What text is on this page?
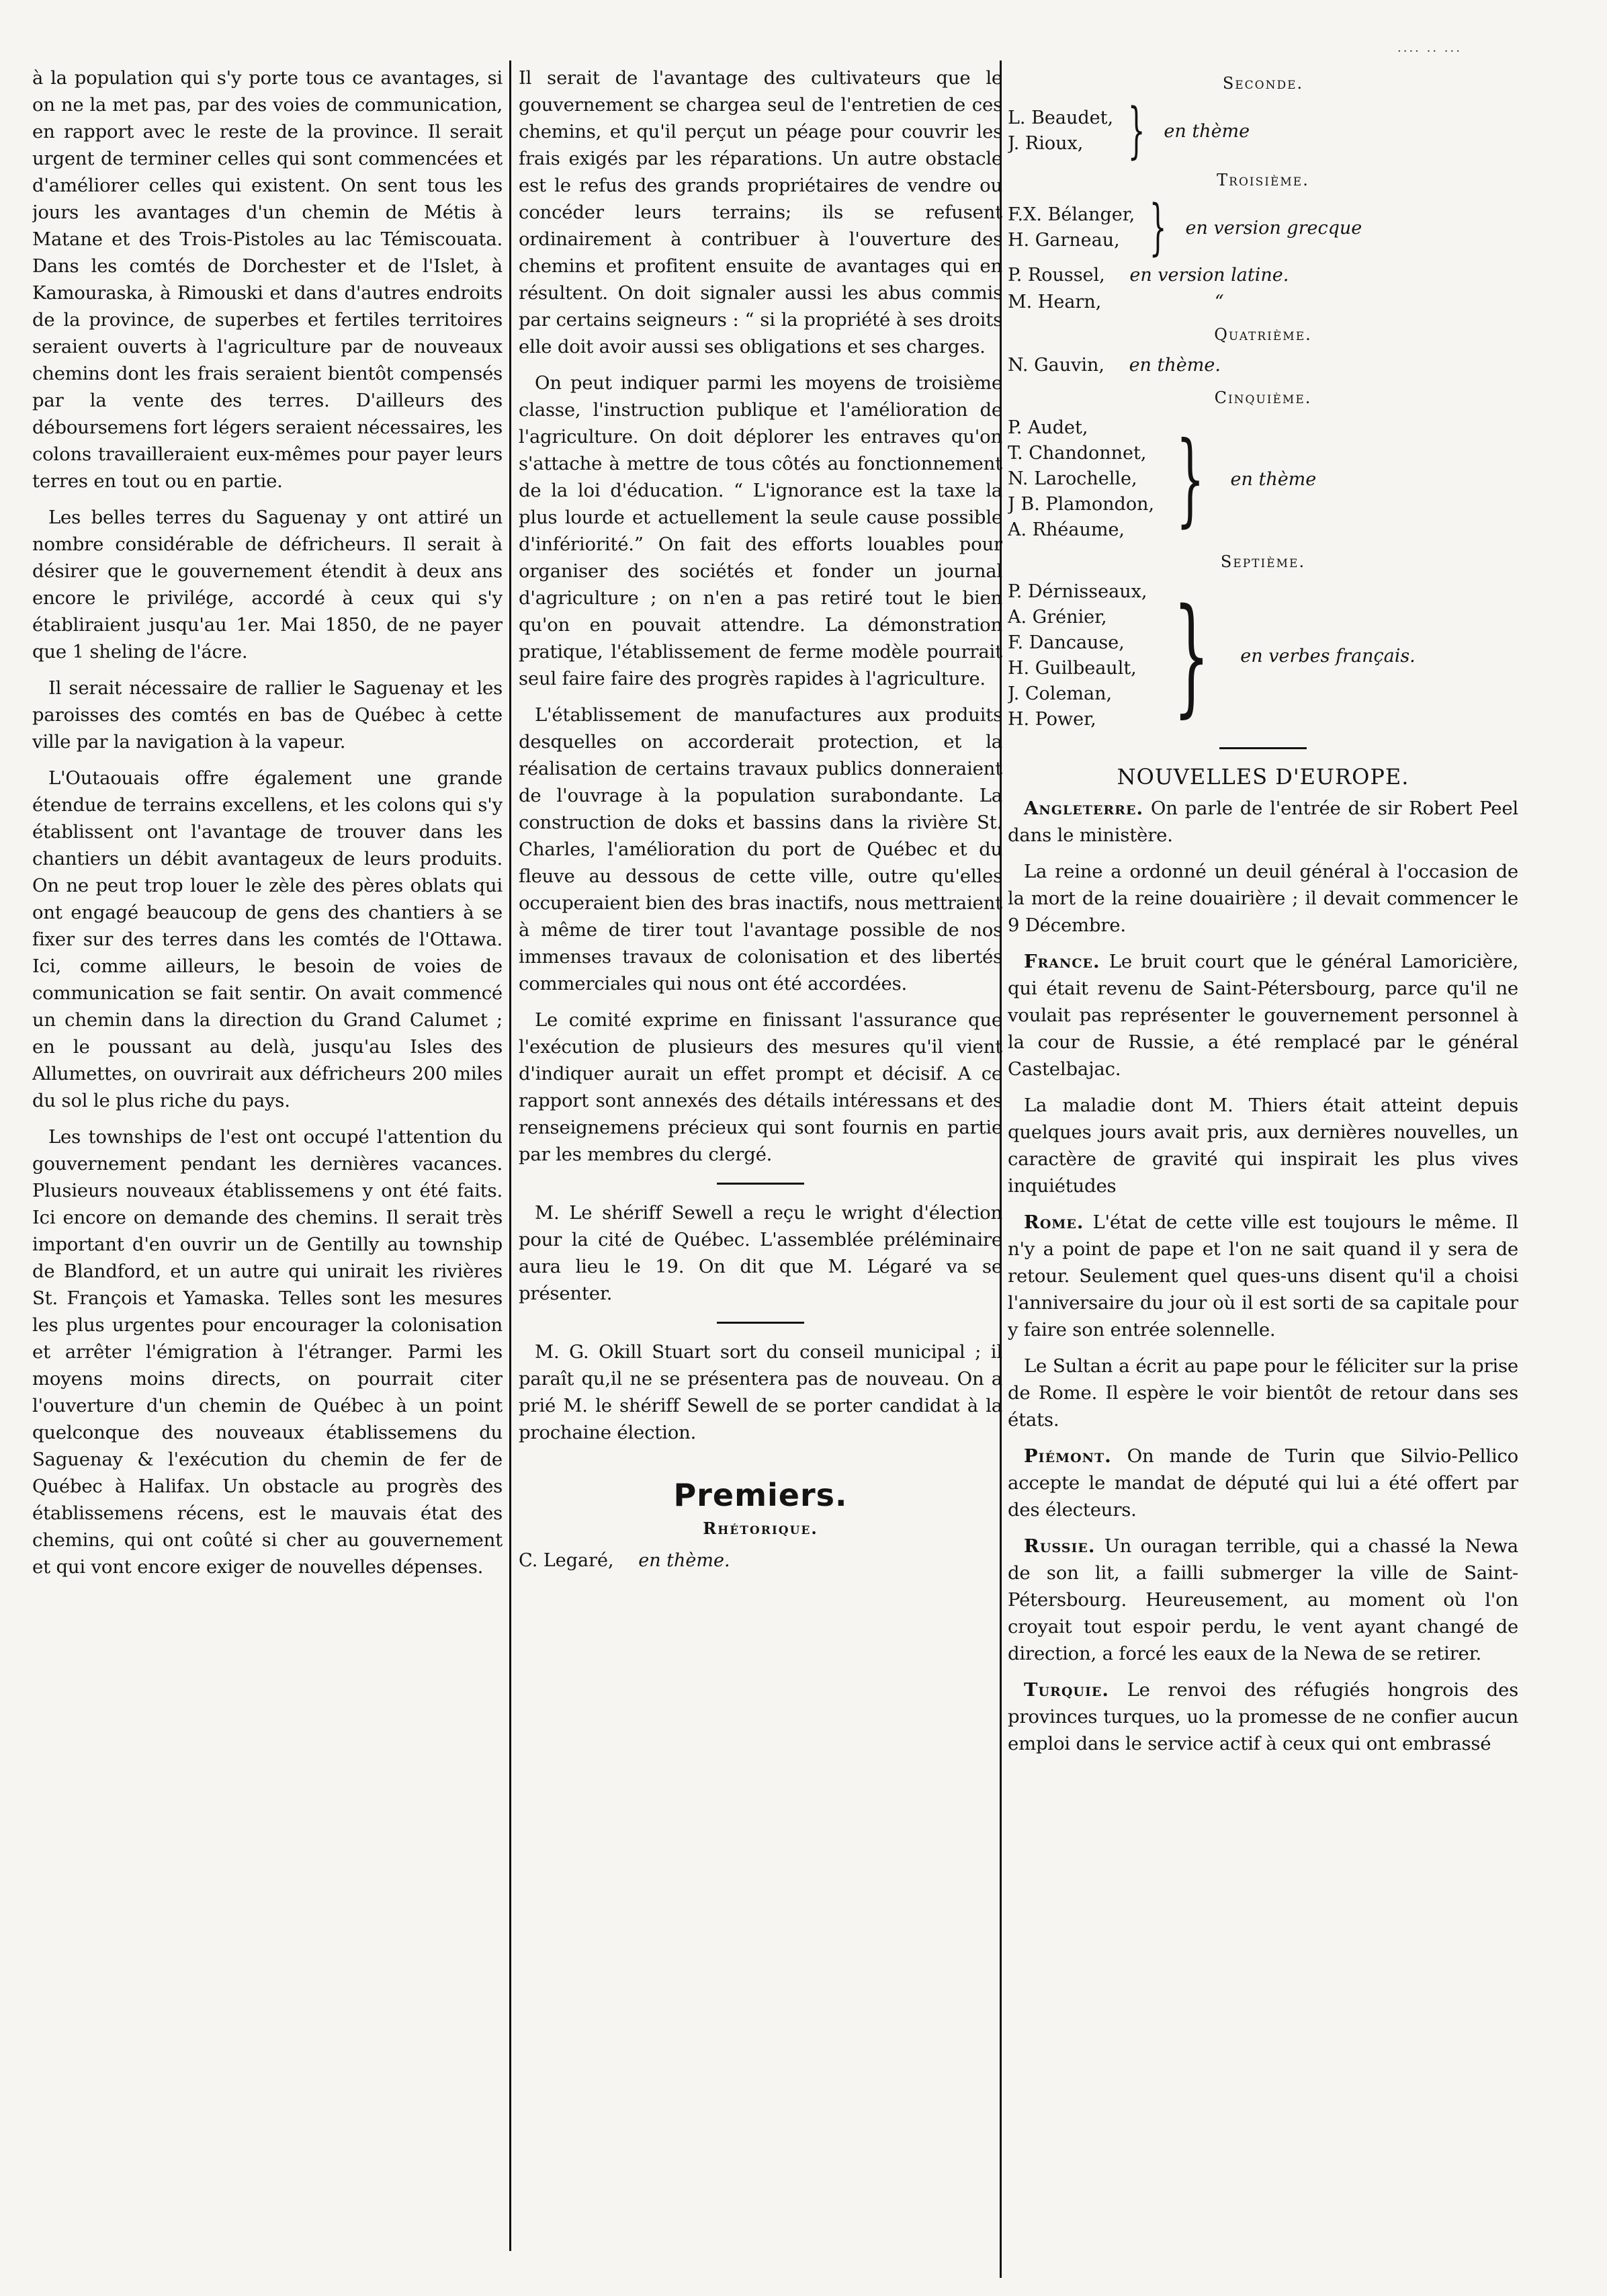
···· ·· ···

à la population qui s'y porte tous ce avantages, si on ne la met pas, par des voies de communication, en rapport avec le reste de la province. Il serait urgent de terminer celles qui sont commencées et d'améliorer celles qui existent. On sent tous les jours les avantages d'un chemin de Métis à Matane et des Trois-Pistoles au lac Témiscouata. Dans les comtés de Dorchester et de l'Islet, à Kamouraska, à Rimouski et dans d'autres endroits de la province, de superbes et fertiles territoires seraient ouverts à l'agriculture par de nouveaux chemins dont les frais seraient bientôt compensés par la vente des terres. D'ailleurs des déboursemens fort légers seraient nécessaires, les colons travailleraient eux-mêmes pour payer leurs terres en tout ou en partie.

Les belles terres du Saguenay y ont attiré un nombre considérable de défricheurs. Il serait à désirer que le gouvernement étendit à deux ans encore le privilége, accordé à ceux qui s'y établiraient jusqu'au 1er. Mai 1850, de ne payer que 1 sheling de l'ácre.

Il serait nécessaire de rallier le Saguenay et les paroisses des comtés en bas de Québec à cette ville par la navigation à la vapeur.

L'Outaouais offre également une grande étendue de terrains excellens, et les colons qui s'y établissent ont l'avantage de trouver dans les chantiers un débit avantageux de leurs produits. On ne peut trop louer le zèle des pères oblats qui ont engagé beaucoup de gens des chantiers à se fixer sur des terres dans les comtés de l'Ottawa. Ici, comme ailleurs, le besoin de voies de communication se fait sentir. On avait commencé un chemin dans la direction du Grand Calumet ; en le poussant au delà, jusqu'au Isles des Allumettes, on ouvrirait aux défricheurs 200 miles du sol le plus riche du pays.

Les townships de l'est ont occupé l'attention du gouvernement pendant les dernières vacances. Plusieurs nouveaux établissemens y ont été faits. Ici encore on demande des chemins. Il serait très important d'en ouvrir un de Gentilly au township de Blandford, et un autre qui unirait les rivières St. François et Yamaska. Telles sont les mesures les plus urgentes pour encourager la colonisation et arrêter l'émigration à l'étranger. Parmi les moyens moins directs, on pourrait citer l'ouverture d'un chemin de Québec à un point quelconque des nouveaux établissemens du Saguenay & l'exécution du chemin de fer de Québec à Halifax. Un obstacle au progrès des établissemens récens, est le mauvais état des chemins, qui ont coûté si cher au gouvernement et qui vont encore exiger de nouvelles dépenses.

Il serait de l'avantage des cultivateurs que le gouvernement se chargea seul de l'entretien de ces chemins, et qu'il perçut un péage pour couvrir les frais exigés par les réparations. Un autre obstacle est le refus des grands propriétaires de vendre ou concéder leurs terrains; ils se refusent ordinairement à contribuer à l'ouverture des chemins et profitent ensuite de avantages qui en résultent. On doit signaler aussi les abus commis par certains seigneurs : “ si la propriété à ses droits elle doit avoir aussi ses obligations et ses charges.

On peut indiquer parmi les moyens de troisième classe, l'instruction publique et l'amélioration de l'agriculture. On doit déplorer les entraves qu'on s'attache à mettre de tous côtés au fonctionnement de la loi d'éducation. “ L'ignorance est la taxe la plus lourde et actuellement la seule cause possible d'infériorité.” On fait des efforts louables pour organiser des sociétés et fonder un journal d'agriculture ; on n'en a pas retiré tout le bien qu'on en pouvait attendre. La démonstration pratique, l'établissement de ferme modèle pourrait seul faire faire des progrès rapides à l'agriculture.

L'établissement de manufactures aux produits desquelles on accorderait protection, et la réalisation de certains travaux publics donneraient de l'ouvrage à la population surabondante. La construction de doks et bassins dans la rivière St. Charles, l'amélioration du port de Québec et du fleuve au dessous de cette ville, outre qu'elles occuperaient bien des bras inactifs, nous mettraient à même de tirer tout l'avantage possible de nos immenses travaux de colonisation et des libertés commerciales qui nous ont été accordées.

Le comité exprime en finissant l'assurance que l'exécution de plusieurs des mesures qu'il vient d'indiquer aurait un effet prompt et décisif. A ce rapport sont annexés des détails intéressans et des renseignemens précieux qui sont fournis en partie par les membres du clergé.

M. Le shériff Sewell a reçu le wright d'élection pour la cité de Québec. L'assemblée préléminaire aura lieu le 19. On dit que M. Légaré va se présenter.

M. G. Okill Stuart sort du conseil municipal ; il paraît qu,il ne se présentera pas de nouveau. On a prié M. le shériff Sewell de se porter candidat à la prochaine élection.

Premiers.
Rhétorique.
C. Legaré, en thème.
Seconde.
L. Beaudet,
J. Rioux, } en thème
Troisième.
F.X. Bélanger,
H. Garneau, } en version grecque
P. Roussel, en version latine.
M. Hearn,	“
Quatrième.
N. Gauvin, en thème.
Cinquième.
P. Audet,
T. Chandonnet,
N. Larochelle,
J B. Plamondon,
A. Rhéaume, } en thème
Septième.
P. Dérnisseaux,
A. Grénier,
F. Dancause,
H. Guilbeault,
J. Coleman,
H. Power, } en verbes français.
NOUVELLES D'EUROPE.

Angleterre. On parle de l'entrée de sir Robert Peel dans le ministère.

La reine a ordonné un deuil général à l'occasion de la mort de la reine douairière ; il devait commencer le 9 Décembre.

France. Le bruit court que le général Lamoricière, qui était revenu de Saint-Pétersbourg, parce qu'il ne voulait pas représenter le gouvernement personnel à la cour de Russie, a été remplacé par le général Castelbajac.

La maladie dont M. Thiers était atteint depuis quelques jours avait pris, aux dernières nouvelles, un caractère de gravité qui inspirait les plus vives inquiétudes

Rome. L'état de cette ville est toujours le même. Il n'y a point de pape et l'on ne sait quand il y sera de retour. Seulement quel ques-uns disent qu'il a choisi l'anniversaire du jour où il est sorti de sa capitale pour y faire son entrée solennelle.

Le Sultan a écrit au pape pour le féliciter sur la prise de Rome. Il espère le voir bientôt de retour dans ses états.

Piémont. On mande de Turin que Silvio-Pellico accepte le mandat de député qui lui a été offert par des électeurs.

Russie. Un ouragan terrible, qui a chassé la Newa de son lit, a failli submerger la ville de Saint-Pétersbourg. Heureusement, au moment où l'on croyait tout espoir perdu, le vent ayant changé de direction, a forcé les eaux de la Newa de se retirer.

Turquie. Le renvoi des réfugiés hongrois des provinces turques, uo la promesse de ne confier aucun emploi dans le service actif à ceux qui ont embrassé
